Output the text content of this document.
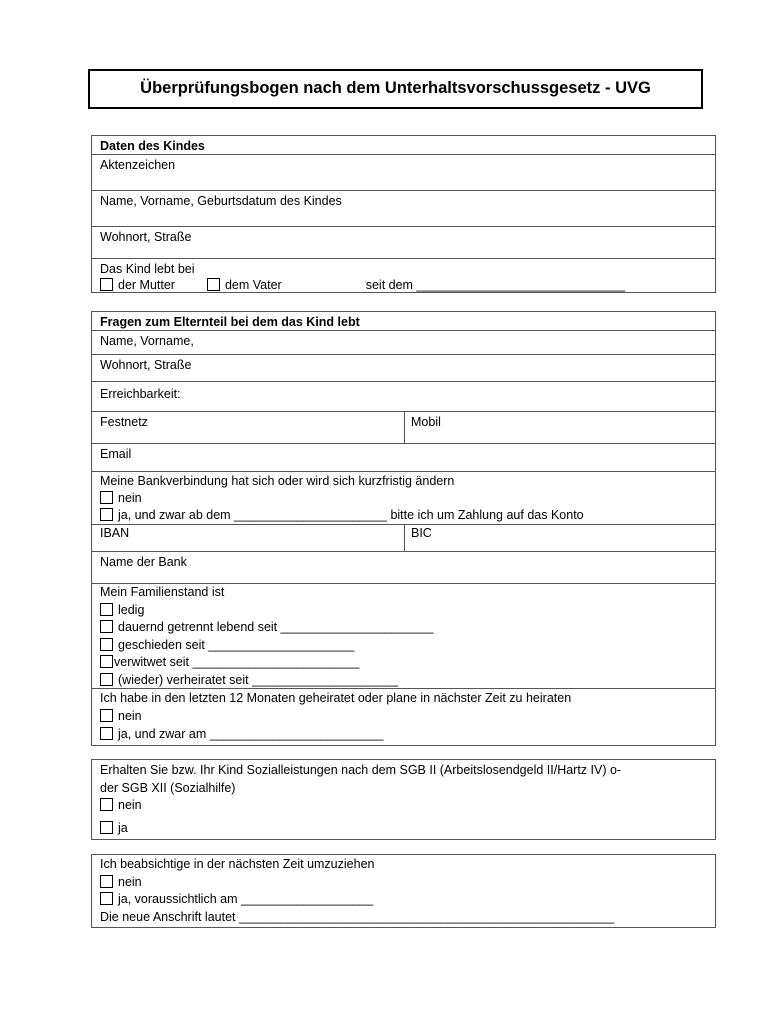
Überprüfungsbogen nach dem Unterhaltsvorschussgesetz - UVG
Daten des Kindes
Aktenzeichen
Name, Vorname, Geburtsdatum des Kindes
Wohnort, Straße
Das Kind lebt bei
der Mutter	dem Vater	seit dem ______________________________
Fragen zum Elternteil bei dem das Kind lebt
Name, Vorname,
Wohnort, Straße
Erreichbarkeit:
Festnetz	Mobil
Email
Meine Bankverbindung hat sich oder wird sich kurzfristig ändern
nein
ja, und zwar ab dem ______________________ bitte ich um Zahlung auf das Konto
IBAN	BIC
Name der Bank
Mein Familienstand ist
ledig
dauernd getrennt lebend seit ______________________
geschieden seit _____________________
verwitwet seit ________________________
(wieder) verheiratet seit _____________________
Ich habe in den letzten 12 Monaten geheiratet oder plane in nächster Zeit zu heiraten
nein
ja, und zwar am _________________________
Erhalten Sie bzw. Ihr Kind Sozialleistungen nach dem SGB II (Arbeitslosendgeld II/Hartz IV) o-
der SGB XII (Sozialhilfe)
nein
ja
Ich beabsichtige in der nächsten Zeit umzuziehen
nein
ja, voraussichtlich am ___________________
Die neue Anschrift lautet ______________________________________________________
